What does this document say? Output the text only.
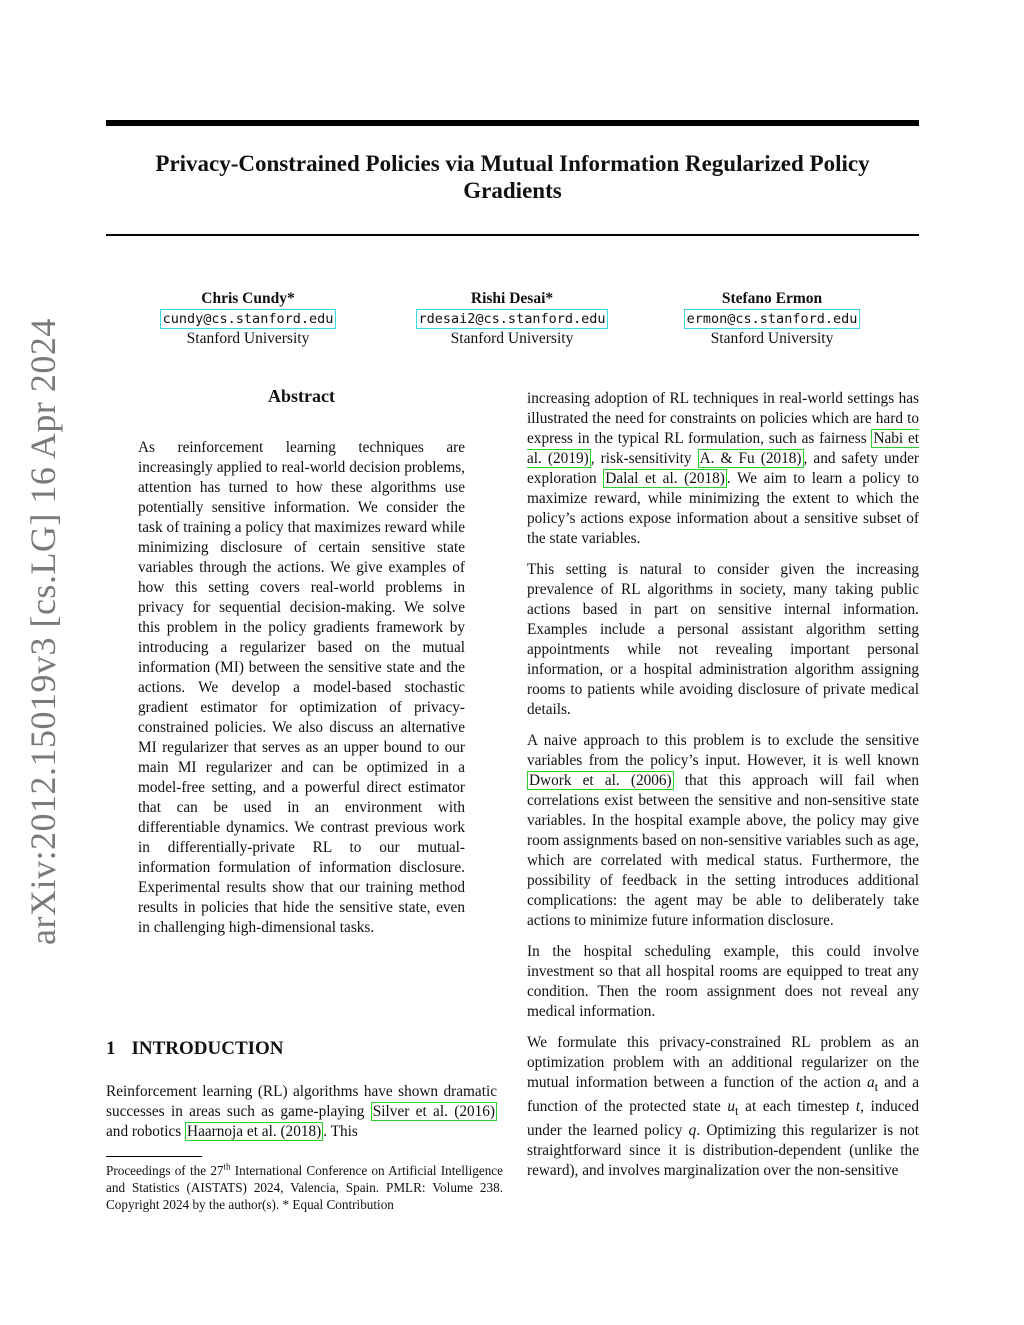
Privacy-Constrained Policies via Mutual Information Regularized Policy Gradients
arXiv:2012.15019v3 [cs.LG] 16 Apr 2024
Chris Cundy*
cundy@cs.stanford.edu
Stanford University
Rishi Desai*
rdesai2@cs.stanford.edu
Stanford University
Stefano Ermon
ermon@cs.stanford.edu
Stanford University
Abstract
As reinforcement learning techniques are increasingly applied to real-world decision problems, attention has turned to how these algorithms use potentially sensitive information. We consider the task of training a policy that maximizes reward while minimizing disclosure of certain sensitive state variables through the actions. We give examples of how this setting covers real-world problems in privacy for sequential decision-making. We solve this problem in the policy gradients framework by introducing a regularizer based on the mutual information (MI) between the sensitive state and the actions. We develop a model-based stochastic gradient estimator for optimization of privacy-constrained policies. We also discuss an alternative MI regularizer that serves as an upper bound to our main MI regularizer and can be optimized in a model-free setting, and a powerful direct estimator that can be used in an environment with differentiable dynamics. We contrast previous work in differentially-private RL to our mutual-information formulation of information disclosure. Experimental results show that our training method results in policies that hide the sensitive state, even in challenging high-dimensional tasks.
1 INTRODUCTION
Reinforcement learning (RL) algorithms have shown dramatic successes in areas such as game-playing Silver et al. (2016) and robotics Haarnoja et al. (2018) . This
Proceedings of the 27th International Conference on Artificial Intelligence and Statistics (AISTATS) 2024, Valencia, Spain. PMLR: Volume 238. Copyright 2024 by the author(s). * Equal Contribution

increasing adoption of RL techniques in real-world settings has illustrated the need for constraints on policies which are hard to express in the typical RL formulation, such as fairness Nabi et al. (2019) , risk-sensitivity A. & Fu (2018) , and safety under exploration Dalal et al. (2018) . We aim to learn a policy to maximize reward, while minimizing the extent to which the policy’s actions expose information about a sensitive subset of the state variables.

This setting is natural to consider given the increasing prevalence of RL algorithms in society, many taking public actions based in part on sensitive internal information. Examples include a personal assistant algorithm setting appointments while not revealing important personal information, or a hospital administration algorithm assigning rooms to patients while avoiding disclosure of private medical details.

A naive approach to this problem is to exclude the sensitive variables from the policy’s input. However, it is well known Dwork et al. (2006) that this approach will fail when correlations exist between the sensitive and non-sensitive state variables. In the hospital example above, the policy may give room assignments based on non-sensitive variables such as age, which are correlated with medical status. Furthermore, the possibility of feedback in the setting introduces additional complications: the agent may be able to deliberately take actions to minimize future information disclosure.

In the hospital scheduling example, this could involve investment so that all hospital rooms are equipped to treat any condition. Then the room assignment does not reveal any medical information.

We formulate this privacy-constrained RL problem as an optimization problem with an additional regularizer on the mutual information between a function of the action $a_t$ and a function of the protected state $u_t$ at each timestep t, induced under the learned policy q. Optimizing this regularizer is not straightforward since it is distribution-dependent (unlike the reward), and involves marginalization over the non-sensitive
